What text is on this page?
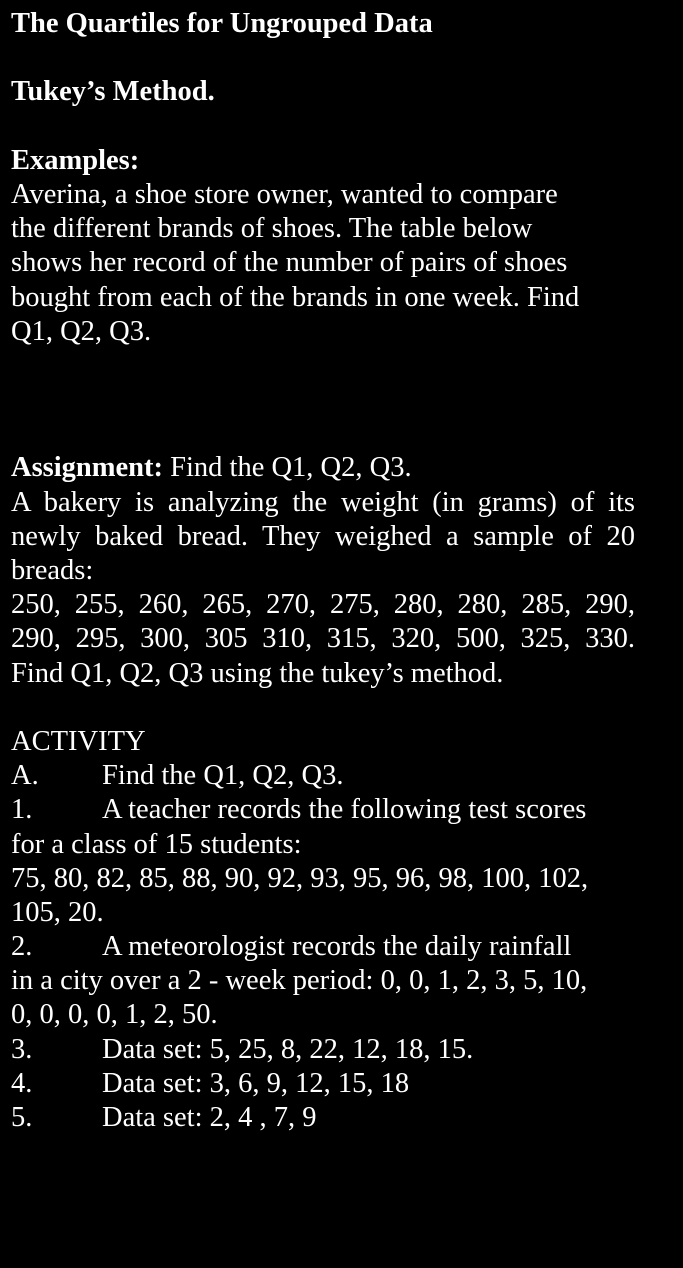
The Quartiles for Ungrouped Data
Tukey’s Method.
Examples:
Averina, a shoe store owner, wanted to compare
the different brands of shoes. The table below
shows her record of the number of pairs of shoes
bought from each of the brands in one week. Find
Q1, Q2, Q3.
Assignment: Find the Q1, Q2, Q3.
A bakery is analyzing the weight (in grams) of its
newly baked bread. They weighed a sample of 20
breads:
250, 255, 260, 265, 270, 275, 280, 280, 285, 290,
290, 295, 300, 305 310, 315, 320, 500, 325, 330.
Find Q1, Q2, Q3 using the tukey’s method.
ACTIVITY
A. Find the Q1, Q2, Q3.
1. A teacher records the following test scores
for a class of 15 students:
75, 80, 82, 85, 88, 90, 92, 93, 95, 96, 98, 100, 102,
105, 20.
2. A meteorologist records the daily rainfall
in a city over a 2 - week period: 0, 0, 1, 2, 3, 5, 10,
0, 0, 0, 0, 1, 2, 50.
3. Data set: 5, 25, 8, 22, 12, 18, 15.
4. Data set: 3, 6, 9, 12, 15, 18
5. Data set: 2, 4 , 7, 9
